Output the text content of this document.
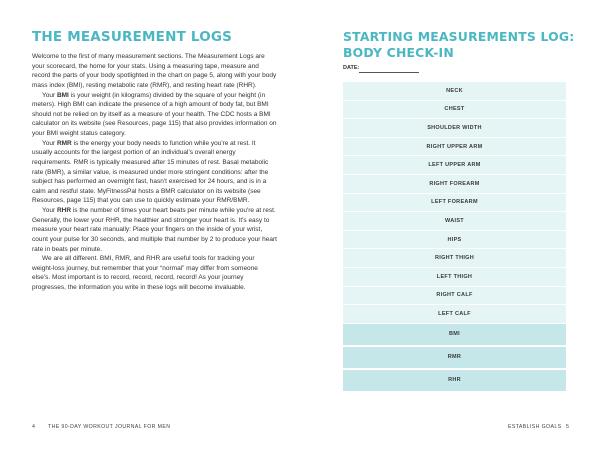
THE MEASUREMENT LOGS

Welcome to the first of many measurement sections. The Measurement Logs are your scorecard, the home for your stats. Using a measuring tape, measure and record the parts of your body spotlighted in the chart on page 5, along with your body mass index (BMI), resting metabolic rate (RMR), and resting heart rate (RHR).

Your BMI is your weight (in kilograms) divided by the square of your height (in meters). High BMI can indicate the presence of a high amount of body fat, but BMI should not be relied on by itself as a measure of your health. The CDC hosts a BMI calculator on its website (see Resources, page 115) that also provides information on your BMI weight status category.

Your RMR is the energy your body needs to function while you're at rest. It usually accounts for the largest portion of an individual's overall energy requirements. RMR is typically measured after 15 minutes of rest. Basal metabolic rate (BMR), a similar value, is measured under more stringent conditions: after the subject has performed an overnight fast, hasn't exercised for 24 hours, and is in a calm and restful state. MyFitnessPal hosts a BMR calculator on its website (see Resources, page 115) that you can use to quickly estimate your RMR/BMR.

Your RHR is the number of times your heart beats per minute while you're at rest. Generally, the lower your RHR, the healthier and stronger your heart is. It's easy to measure your heart rate manually: Place your fingers on the inside of your wrist, count your pulse for 30 seconds, and multiple that number by 2 to produce your heart rate in beats per minute.

We are all different. BMI, RMR, and RHR are useful tools for tracking your weight-loss journey, but remember that your “normal” may differ from someone else's. Most important is to record, record, record, record! As your journey progresses, the information you write in these logs will become invaluable.

4 THE 90-DAY WORKOUT JOURNAL FOR MEN
STARTING MEASUREMENTS LOG:
BODY CHECK-IN
DATE:
NECK
CHEST
SHOULDER WIDTH
RIGHT UPPER ARM
LEFT UPPER ARM
RIGHT FOREARM
LEFT FOREARM
WAIST
HIPS
RIGHT THIGH
LEFT THIGH
RIGHT CALF
LEFT CALF
BMI
RMR
RHR
ESTABLISH GOALS 5
